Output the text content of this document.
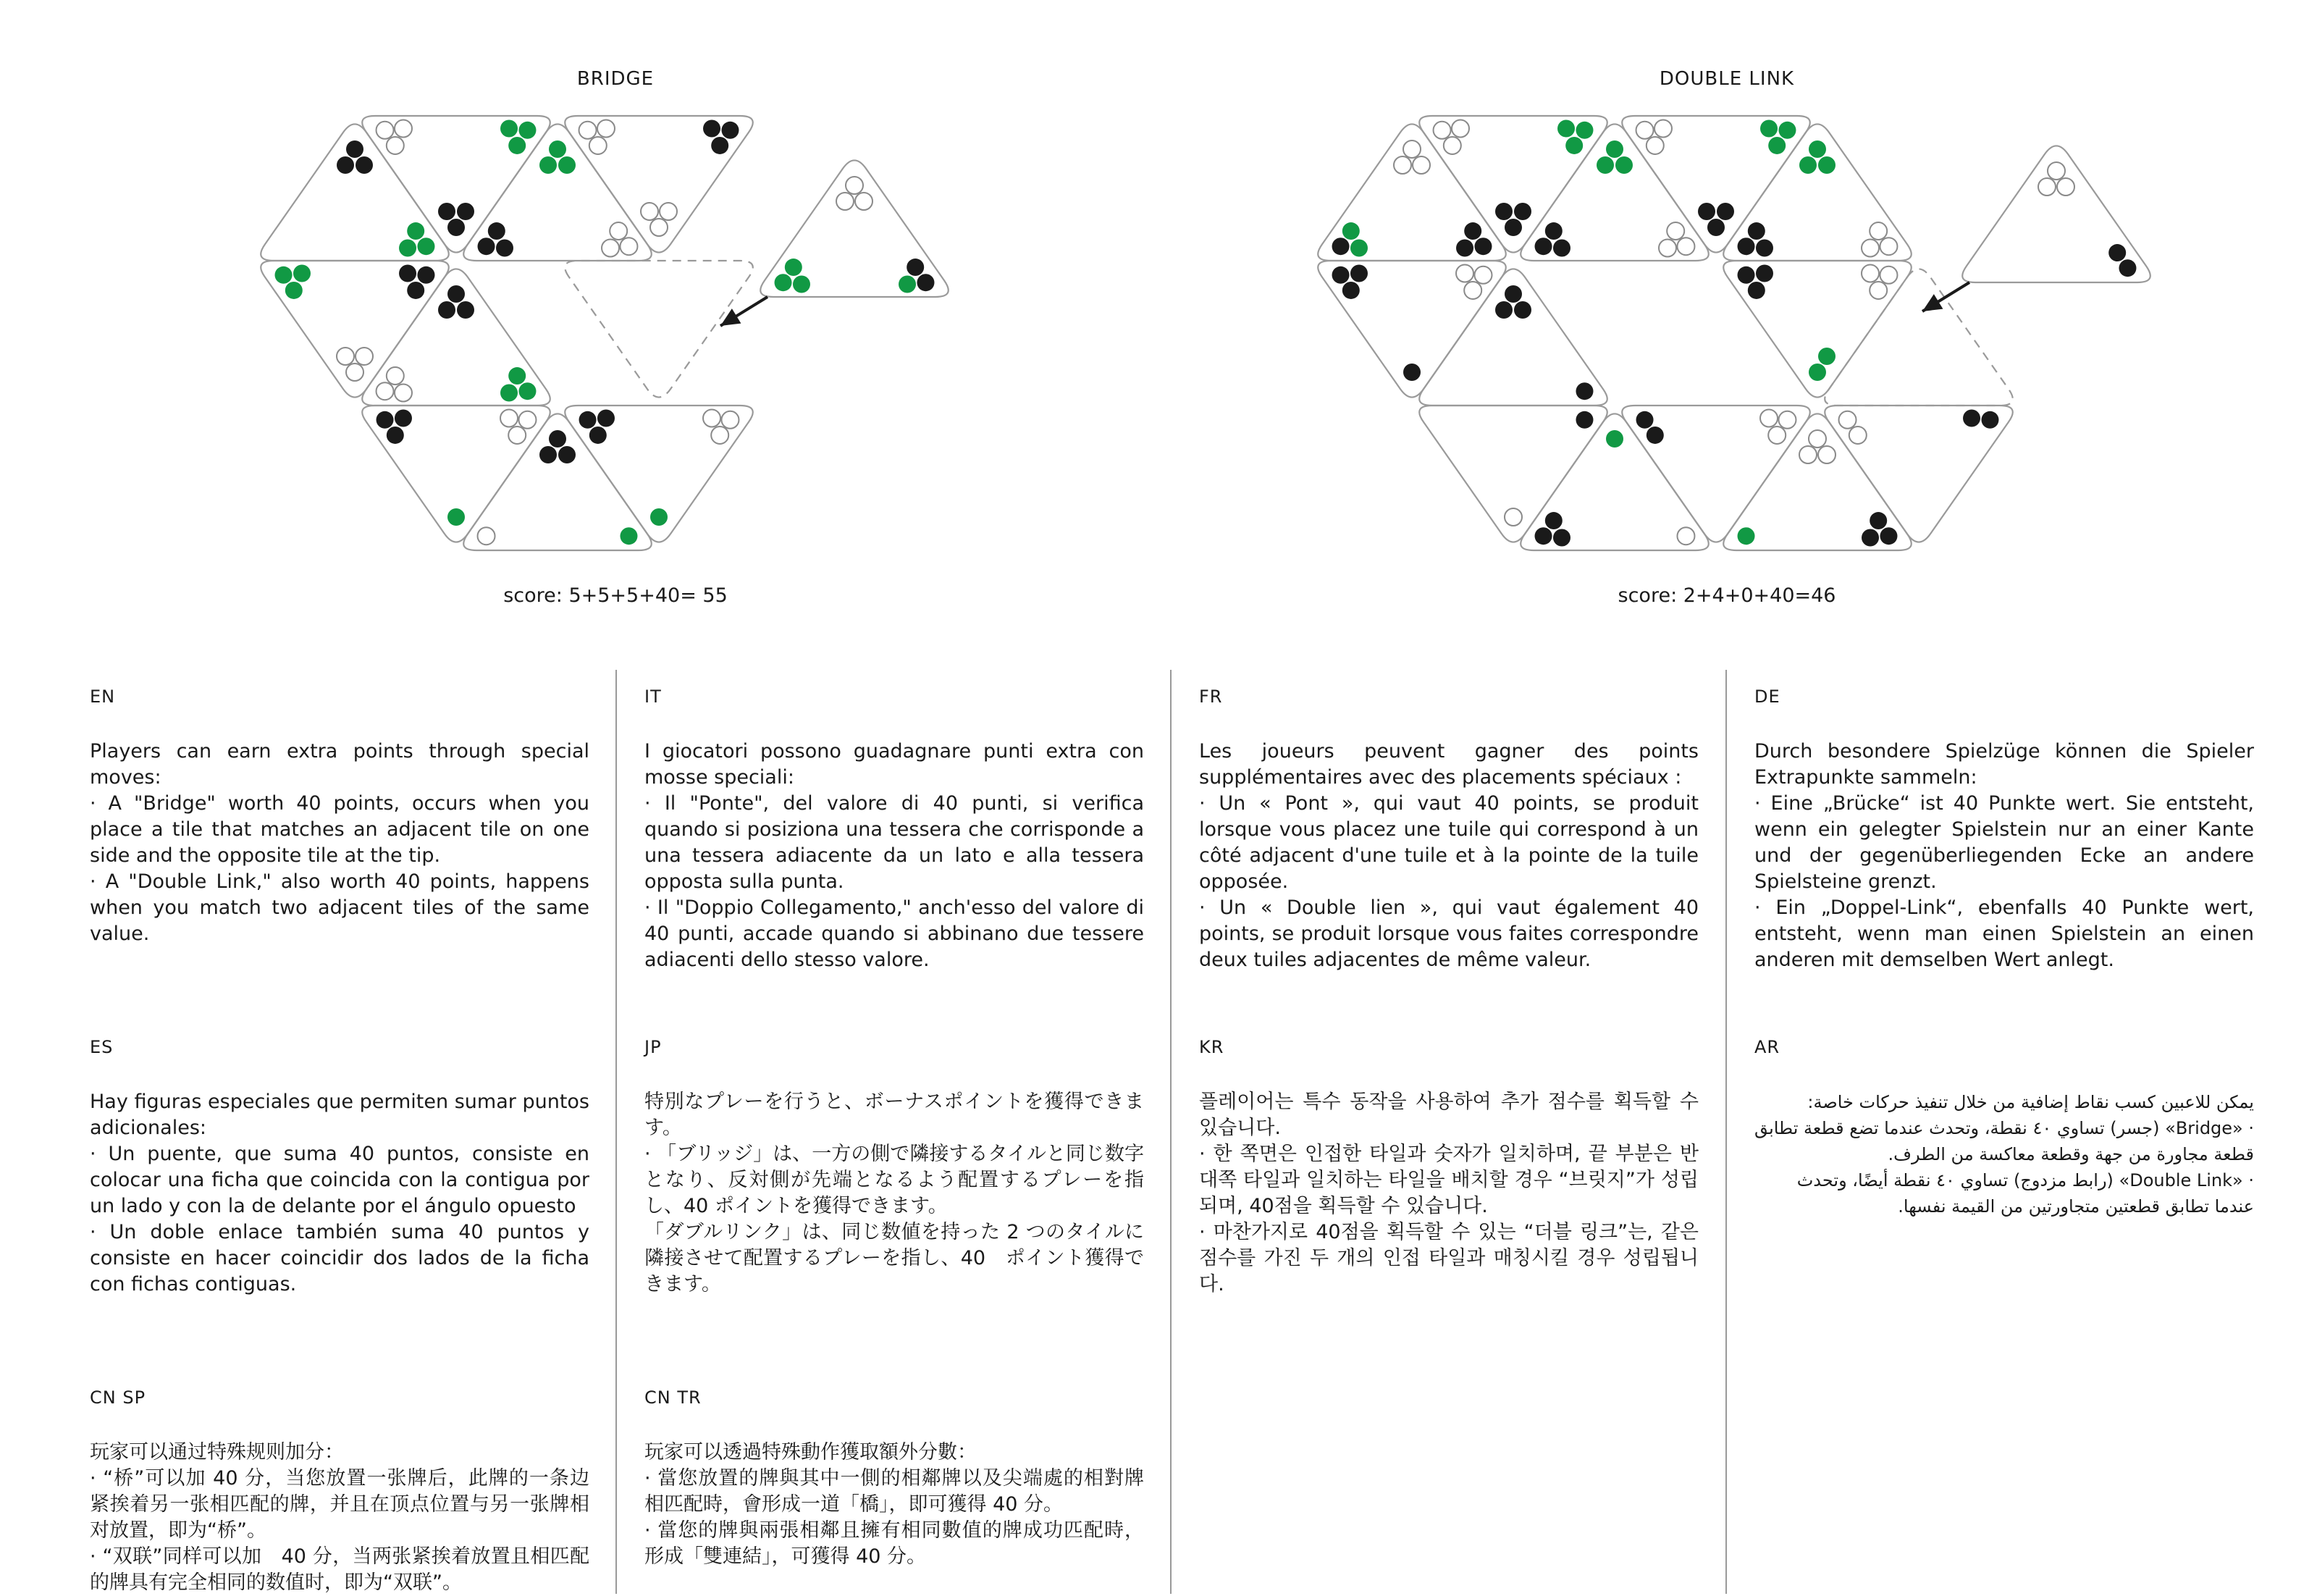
BRIDGE
score: 5+5+5+40= 55
DOUBLE LINK
score: 2+4+0+40=46
EN

Players can earn extra points through special moves:

· A "Bridge" worth 40 points, occurs when you place a tile that matches an adjacent tile on one side and the opposite tile at the tip.

· A "Double Link," also worth 40 points, happens when you match two adjacent tiles of the same value.

IT

I giocatori possono guadagnare punti extra con mosse speciali:

· Il "Ponte", del valore di 40 punti, si verifica quando si posiziona una tessera che corrisponde a una tessera adiacente da un lato e alla tessera opposta sulla punta.

· Il "Doppio Collegamento," anch'esso del valore di 40 punti, accade quando si abbinano due tessere adiacenti dello stesso valore.

FR

Les joueurs peuvent gagner des points supplémentaires avec des placements spéciaux :

· Un « Pont », qui vaut 40 points, se produit lorsque vous placez une tuile qui correspond à un côté adjacent d'une tuile et à la pointe de la tuile opposée.

· Un « Double lien », qui vaut également 40 points, se produit lorsque vous faites correspondre deux tuiles adjacentes de même valeur.

DE

Durch besondere Spielzüge können die Spieler Extrapunkte sammeln:

· Eine „Brücke“ ist 40 Punkte wert. Sie entsteht, wenn ein gelegter Spielstein nur an einer Kante und der gegenüberliegenden Ecke an andere Spielsteine grenzt.

· Ein „Doppel-Link“, ebenfalls 40 Punkte wert, entsteht, wenn man einen Spielstein an einen anderen mit demselben Wert anlegt.

ES

Hay figuras especiales que permiten sumar puntos adicionales:

· Un puente, que suma 40 puntos, consiste en colocar una ficha que coincida con la contigua por un lado y con la de delante por el ángulo opuesto

· Un doble enlace también suma 40 puntos y consiste en hacer coincidir dos lados de la ficha con fichas contiguas.

JP

特別なプレーを行うと、ボーナスポイントを獲得できます。

· 「ブリッジ」は、一方の側で隣接するタイルと同じ数字となり、反対側が先端となるよう配置するプレーを指し、40 ポイントを獲得できます。

「ダブルリンク」は、同じ数値を持った 2 つのタイルに隣接させて配置するプレーを指し、40　ポイント獲得できます。

KR

플레이어는 특수 동작을 사용하여 추가 점수를 획득할 수 있습니다.

· 한 쪽면은 인접한 타일과 숫자가 일치하며, 끝 부분은 반대쪽 타일과 일치하는 타일을 배치할 경우 “브릿지”가 성립되며, 40점을 획득할 수 있습니다.

· 마찬가지로 40점을 획득할 수 있는 “더블 링크”는, 같은 점수를 가진 두 개의 인접 타일과 매칭시킬 경우 성립됩니다.

AR

يمكن للاعبين كسب نقاط إضافية من خلال تنفيذ حركات خاصة:

· «Bridge» (جسر) تساوي ٤٠ نقطة، وتحدث عندما تضع قطعة تطابق قطعة مجاورة من جهة وقطعة معاكسة من الطرف.

· «Double Link» (رابط مزدوج) تساوي ٤٠ نقطة أيضًا، وتحدث عندما تطابق قطعتين متجاورتين من القيمة نفسها.

CN SP

玩家可以通过特殊规则加分：

· “桥”可以加 40 分，当您放置一张牌后，此牌的一条边紧挨着另一张相匹配的牌，并且在顶点位置与另一张牌相对放置，即为“桥”。

· “双联”同样可以加　40 分，当两张紧挨着放置且相匹配的牌具有完全相同的数值时，即为“双联”。

CN TR

玩家可以透過特殊動作獲取額外分數：

· 當您放置的牌與其中一側的相鄰牌以及尖端處的相對牌相匹配時，會形成一道「橋」，即可獲得 40 分。

· 當您的牌與兩張相鄰且擁有相同數值的牌成功匹配時，形成「雙連結」，可獲得 40 分。
